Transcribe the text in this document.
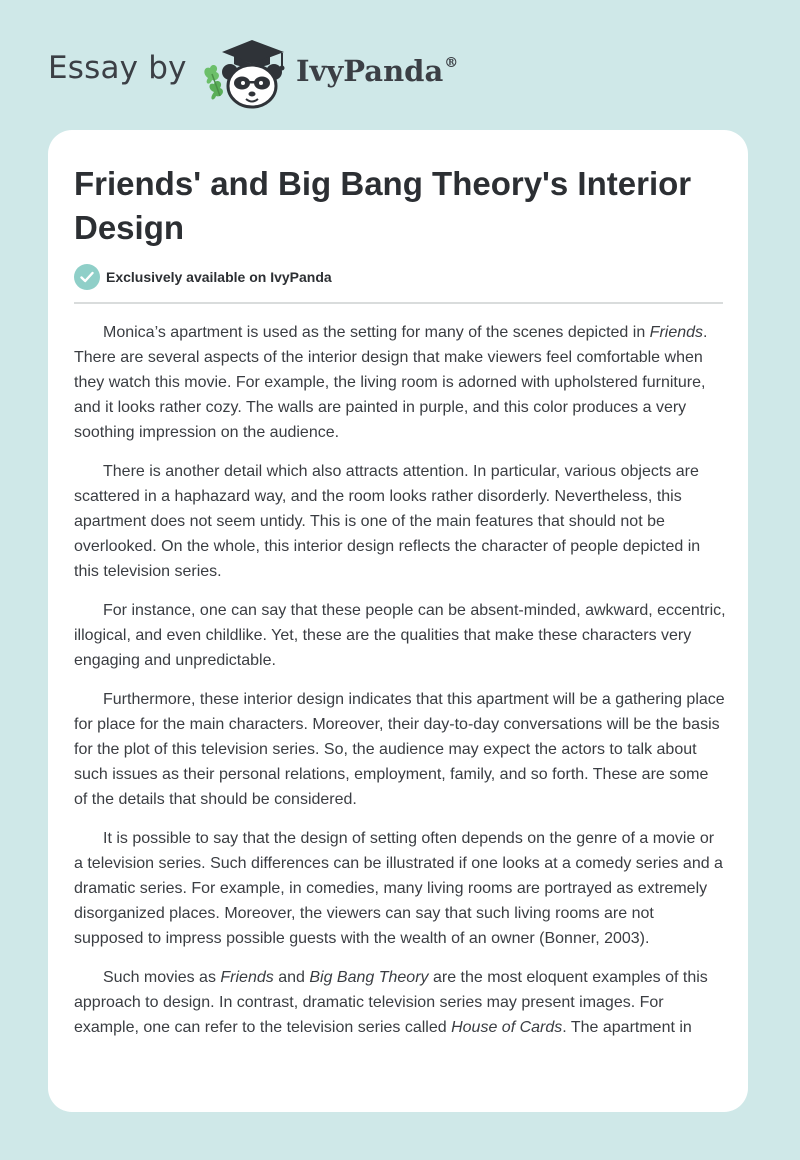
Essay by	IvyPanda®
Friends' and Big Bang Theory's Interior Design
Exclusively available on IvyPanda

Monica’s apartment is used as the setting for many of the scenes depicted in Friends. There are several aspects of the interior design that make viewers feel comfortable when they watch this movie. For example, the living room is adorned with upholstered furniture, and it looks rather cozy. The walls are painted in purple, and this color produces a very soothing impression on the audience.

There is another detail which also attracts attention. In particular, various objects are scattered in a haphazard way, and the room looks rather disorderly. Nevertheless, this apartment does not seem untidy. This is one of the main features that should not be overlooked. On the whole, this interior design reflects the character of people depicted in this television series.

For instance, one can say that these people can be absent-minded, awkward, eccentric, illogical, and even childlike. Yet, these are the qualities that make these characters very engaging and unpredictable.

Furthermore, these interior design indicates that this apartment will be a gathering place for place for the main characters. Moreover, their day-to-day conversations will be the basis for the plot of this television series. So, the audience may expect the actors to talk about such issues as their personal relations, employment, family, and so forth. These are some of the details that should be considered.

It is possible to say that the design of setting often depends on the genre of a movie or a television series. Such differences can be illustrated if one looks at a comedy series and a dramatic series. For example, in comedies, many living rooms are portrayed as extremely disorganized places. Moreover, the viewers can say that such living rooms are not supposed to impress possible guests with the wealth of an owner (Bonner, 2003).

Such movies as Friends and Big Bang Theory are the most eloquent examples of this approach to design. In contrast, dramatic television series may present images. For example, one can refer to the television series called House of Cards. The apartment in
